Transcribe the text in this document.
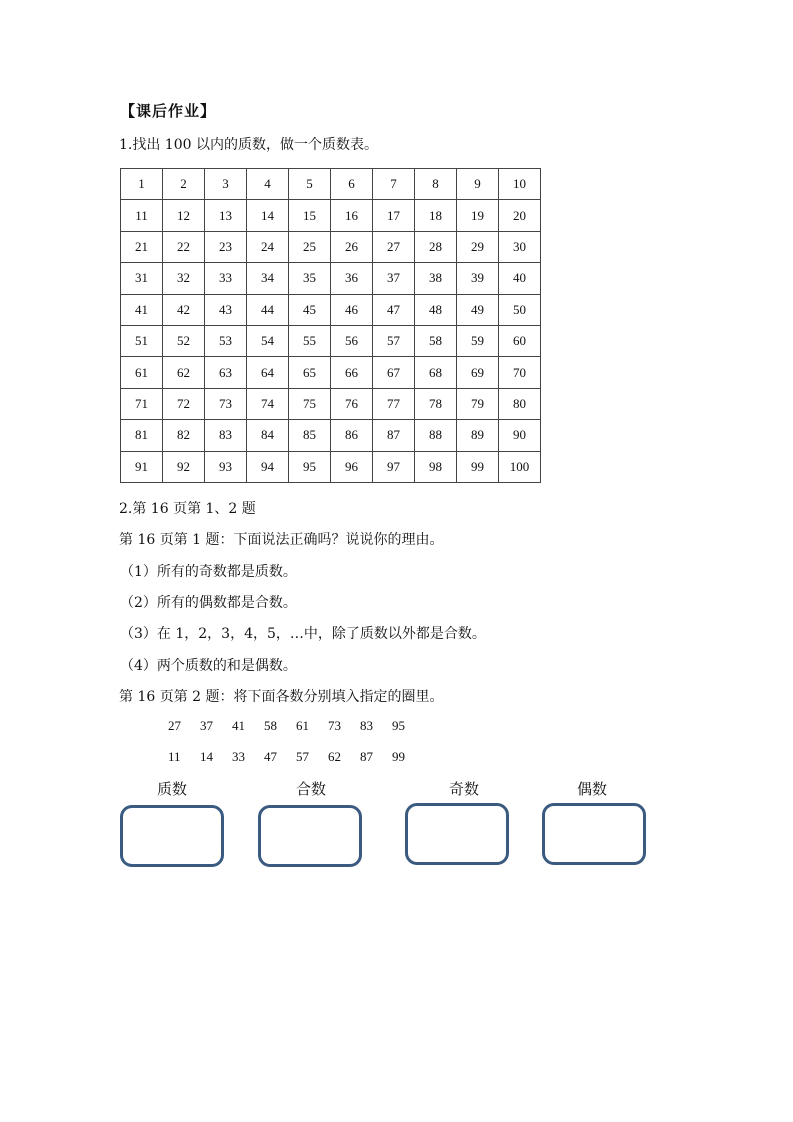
【课后作业】
1.找出 100 以内的质数，做一个质数表。
1	2	3	4	5	6	7	8	9	10
11	12	13	14	15	16	17	18	19	20
21	22	23	24	25	26	27	28	29	30
31	32	33	34	35	36	37	38	39	40
41	42	43	44	45	46	47	48	49	50
51	52	53	54	55	56	57	58	59	60
61	62	63	64	65	66	67	68	69	70
71	72	73	74	75	76	77	78	79	80
81	82	83	84	85	86	87	88	89	90
91	92	93	94	95	96	97	98	99	100
2.第 16 页第 1、2 题
第 16 页第 1 题：下面说法正确吗？说说你的理由。
（1）所有的奇数都是质数。
（2）所有的偶数都是合数。
（3）在 1，2，3，4，5，…中，除了质数以外都是合数。
（4）两个质数的和是偶数。
第 16 页第 2 题：将下面各数分别填入指定的圈里。
27	37	41	58	61	73	83	95
11	14	33	47	57	62	87	99
质数	合数	奇数	偶数
